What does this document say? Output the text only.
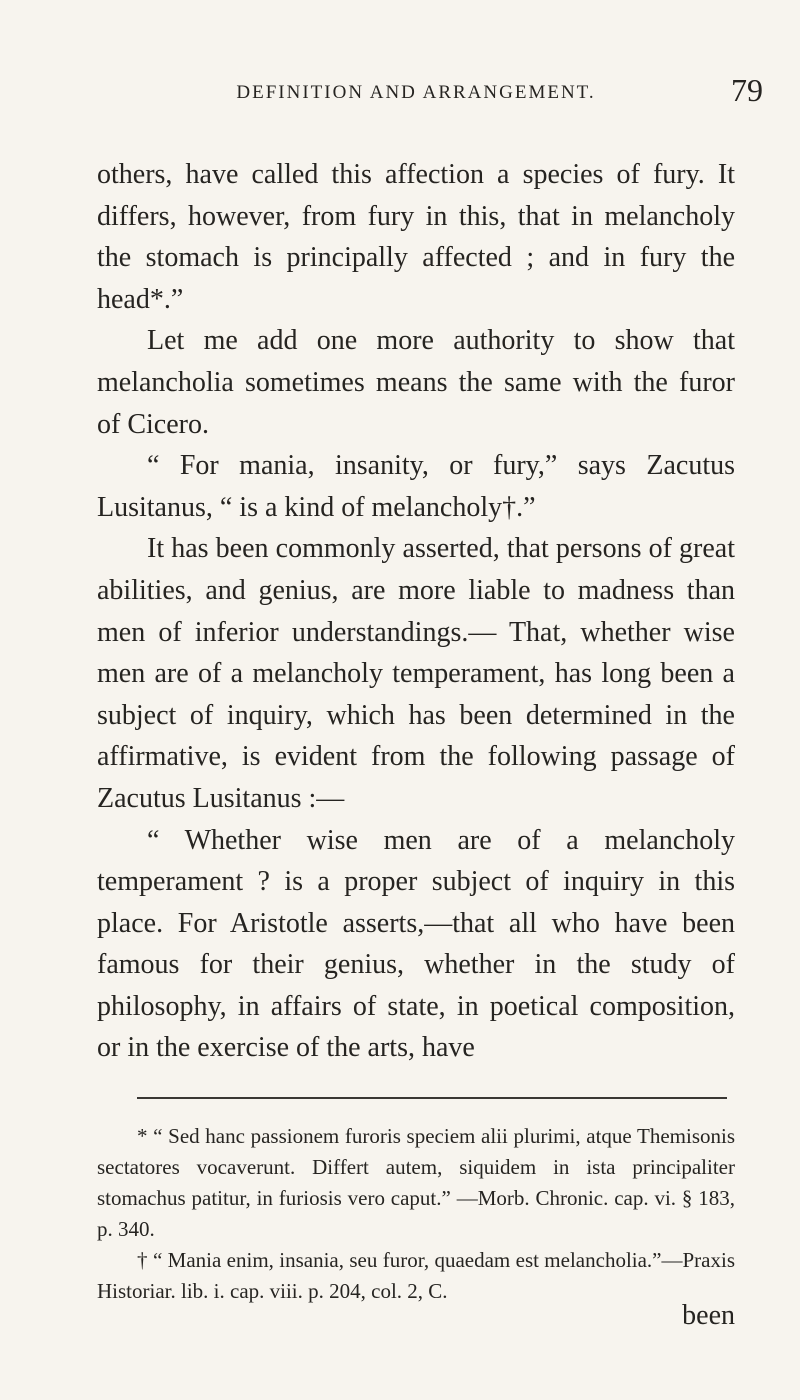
DEFINITION AND ARRANGEMENT.	79

others, have called this affection a species of fury. It differs, however, from fury in this, that in melancholy the stomach is principally affected ; and in fury the head*.”

Let me add one more authority to show that melancholia sometimes means the same with the furor of Cicero.

“ For mania, insanity, or fury,” says Zacutus Lusitanus, “ is a kind of melancholy†.”

It has been commonly asserted, that persons of great abilities, and genius, are more liable to madness than men of inferior understandings.— That, whether wise men are of a melancholy temperament, has long been a subject of inquiry, which has been determined in the affirmative, is evident from the following passage of Zacutus Lusitanus :—

“ Whether wise men are of a melancholy temperament ? is a proper subject of inquiry in this place. For Aristotle asserts,—that all who have been famous for their genius, whether in the study of philosophy, in affairs of state, in poetical composition, or in the exercise of the arts, have

* “ Sed hanc passionem furoris speciem alii plurimi, atque Themisonis sectatores vocaverunt. Differt autem, siquidem in ista principaliter stomachus patitur, in furiosis vero caput.” —Morb. Chronic. cap. vi. § 183, p. 340.

† “ Mania enim, insania, seu furor, quaedam est melancholia.”—Praxis Historiar. lib. i. cap. viii. p. 204, col. 2, C.

been
